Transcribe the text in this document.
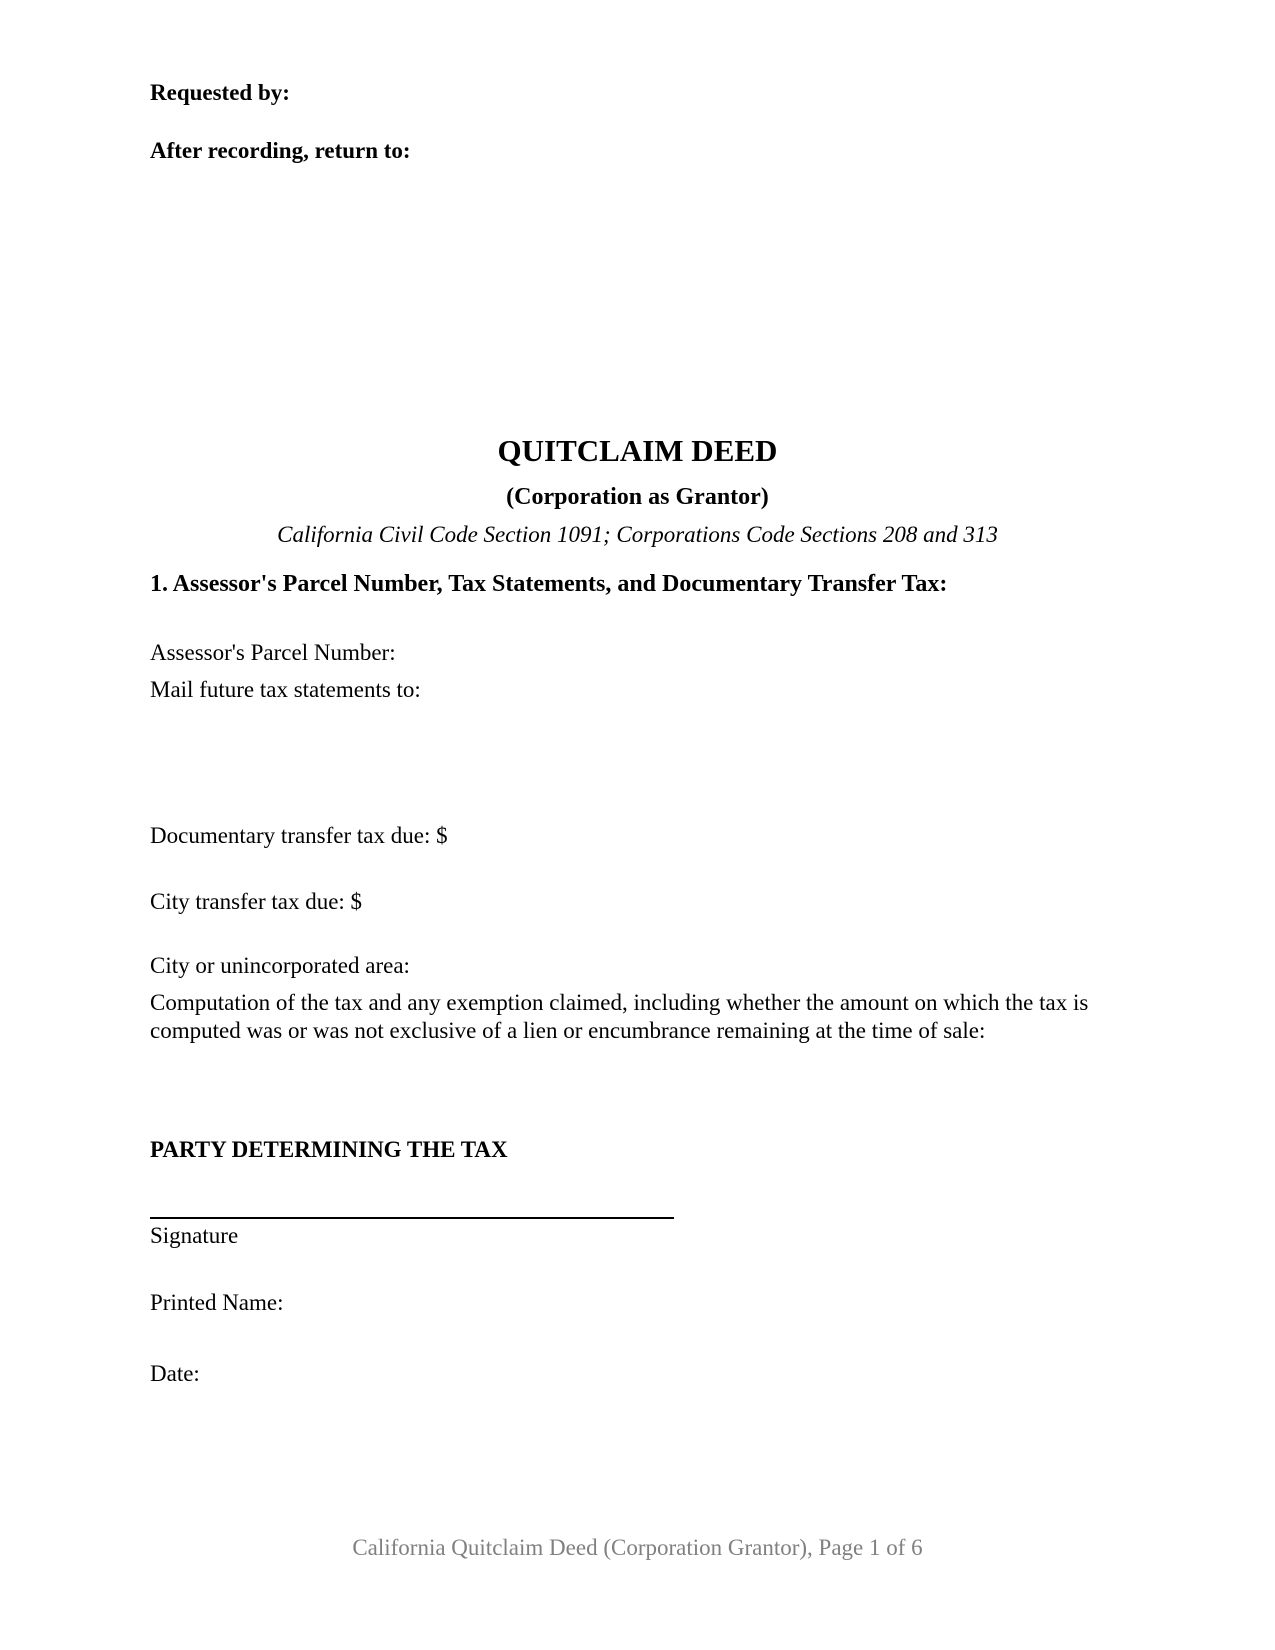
Requested by:

After recording, return to:

QUITCLAIM DEED

(Corporation as Grantor)

California Civil Code Section 1091; Corporations Code Sections 208 and 313

1. Assessor's Parcel Number, Tax Statements, and Documentary Transfer Tax:

Assessor's Parcel Number:

Mail future tax statements to:

Documentary transfer tax due: $

City transfer tax due: $

City or unincorporated area:

Computation of the tax and any exemption claimed, including whether the amount on which the tax is computed was or was not exclusive of a lien or encumbrance remaining at the time of sale:

PARTY DETERMINING THE TAX

Signature

Printed Name:

Date:

California Quitclaim Deed (Corporation Grantor), Page 1 of 6
